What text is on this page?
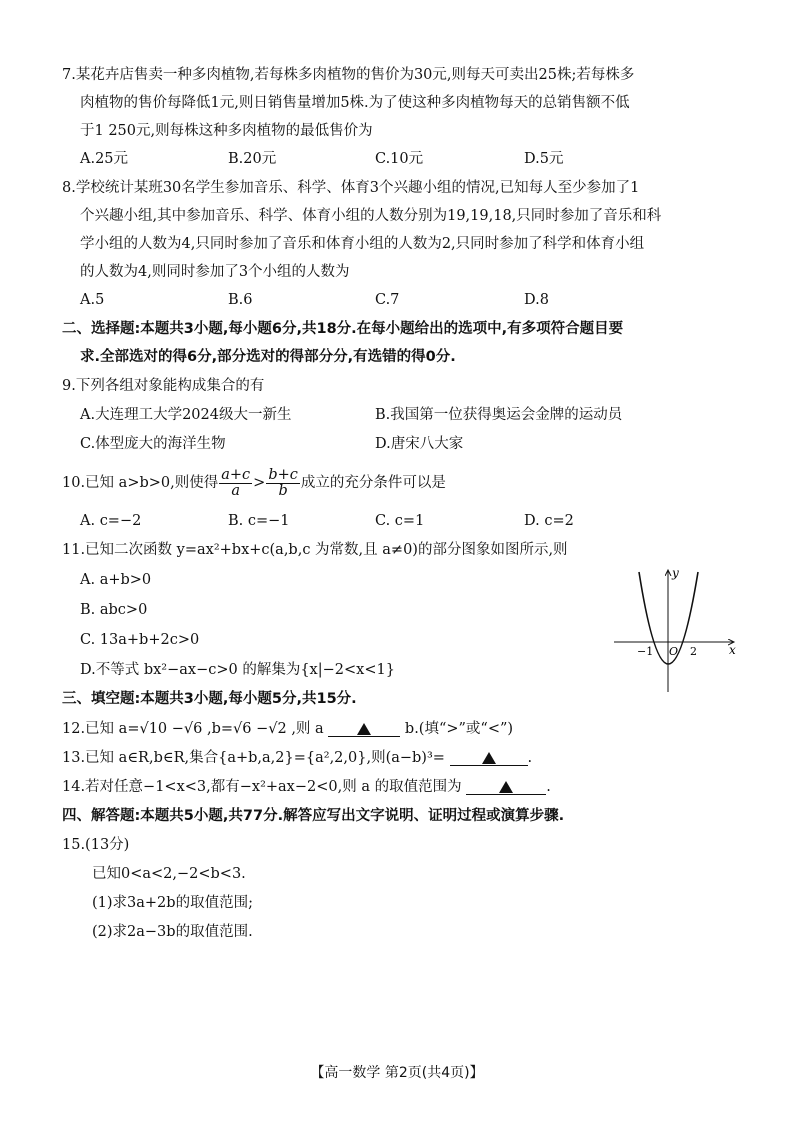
7.某花卉店售卖一种多肉植物,若每株多肉植物的售价为30元,则每天可卖出25株;若每株多
肉植物的售价每降低1元,则日销售量增加5株.为了使这种多肉植物每天的总销售额不低
于1 250元,则每株这种多肉植物的最低售价为
A.25元	B.20元	C.10元	D.5元
8.学校统计某班30名学生参加音乐、科学、体育3个兴趣小组的情况,已知每人至少参加了1
个兴趣小组,其中参加音乐、科学、体育小组的人数分别为19,19,18,只同时参加了音乐和科
学小组的人数为4,只同时参加了音乐和体育小组的人数为2,只同时参加了科学和体育小组
的人数为4,则同时参加了3个小组的人数为
A.5	B.6	C.7	D.8
二、选择题:本题共3小题,每小题6分,共18分.在每小题给出的选项中,有多项符合题目要
求.全部选对的得6分,部分选对的得部分分,有选错的得0分.
9.下列各组对象能构成集合的有
A.大连理工大学2024级大一新生	B.我国第一位获得奥运会金牌的运动员
C.体型庞大的海洋生物	D.唐宋八大家
10.已知 a>b>0,则使得 $\frac{a+c}{a} > \frac{b+c}{b}$ 成立的充分条件可以是
A. c=−2	B. c=−1	C. c=1	D. c=2
11.已知二次函数 y=ax²+bx+c(a,b,c 为常数,且 a≠0)的部分图象如图所示,则
A. a+b>0
B. abc>0
C. 13a+b+2c>0
D.不等式 bx²−ax−c>0 的解集为{x|−2<x<1}
y
x
O
−1	2
三、填空题:本题共3小题,每小题5分,共15分.
12.已知 a=√10 −√6 ,b=√6 −√2 ,则 a	b.(填“>”或“<”)
13.已知 a∈R,b∈R,集合{a+b,a,2}={a²,2,0},则(a−b)³=	.
14.若对任意−1<x<3,都有−x²+ax−2<0,则 a 的取值范围为	.
四、解答题:本题共5小题,共77分.解答应写出文字说明、证明过程或演算步骤.
15.(13分)
已知0<a<2,−2<b<3.
(1)求3a+2b的取值范围;
(2)求2a−3b的取值范围.
【高一数学 第2页(共4页)】
